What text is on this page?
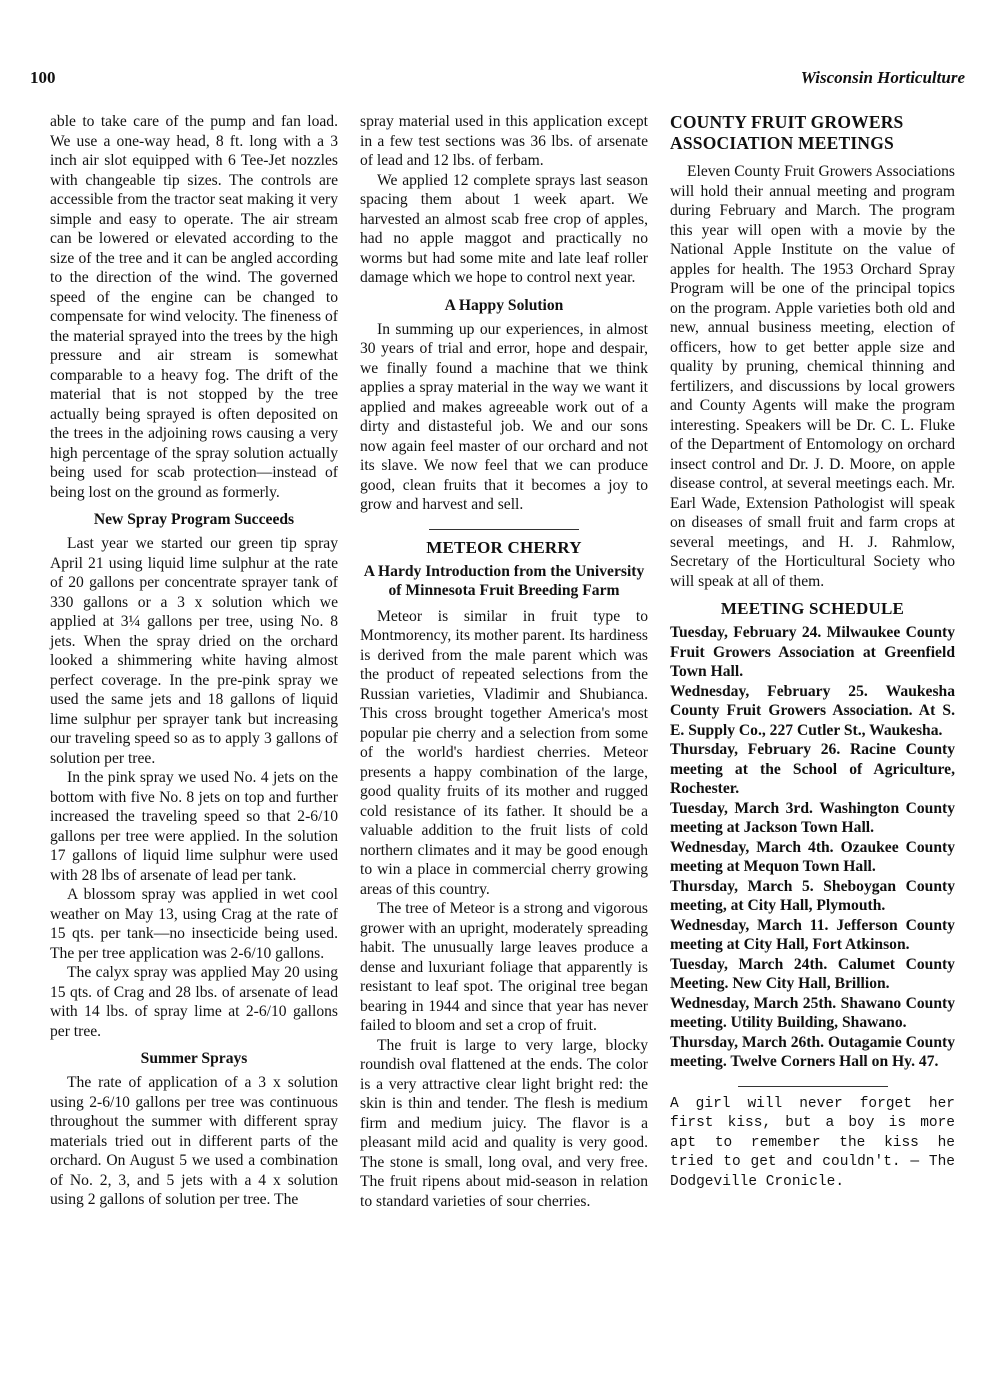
100	Wisconsin Horticulture

able to take care of the pump and fan load. We use a one-way head, 8 ft. long with a 3 inch air slot equipped with 6 Tee-Jet nozzles with changeable tip sizes. The controls are accessible from the tractor seat making it very simple and easy to operate. The air stream can be lowered or elevated according to the size of the tree and it can be angled according to the direction of the wind. The governed speed of the engine can be changed to compensate for wind velocity. The fineness of the material sprayed into the trees by the high pressure and air stream is somewhat comparable to a heavy fog. The drift of the material that is not stopped by the tree actually being sprayed is often deposited on the trees in the adjoining rows causing a very high percentage of the spray solution actually being used for scab protection—instead of being lost on the ground as formerly.

New Spray Program Succeeds

Last year we started our green tip spray April 21 using liquid lime sulphur at the rate of 20 gallons per concentrate sprayer tank of 330 gallons or a 3 x solution which we applied at 3¼ gallons per tree, using No. 8 jets. When the spray dried on the orchard looked a shimmering white having almost perfect coverage. In the pre-pink spray we used the same jets and 18 gallons of liquid lime sulphur per sprayer tank but increasing our traveling speed so as to apply 3 gallons of solution per tree.

In the pink spray we used No. 4 jets on the bottom with five No. 8 jets on top and further increased the traveling speed so that 2-6/10 gallons per tree were applied. In the solution 17 gallons of liquid lime sulphur were used with 28 lbs of arsenate of lead per tank.

A blossom spray was applied in wet cool weather on May 13, using Crag at the rate of 15 qts. per tank—no insecticide being used. The per tree application was 2-6/10 gallons.

The calyx spray was applied May 20 using 15 qts. of Crag and 28 lbs. of arsenate of lead with 14 lbs. of spray lime at 2-6/10 gallons per tree.

Summer Sprays

The rate of application of a 3 x solution using 2-6/10 gallons per tree was continuous throughout the summer with different spray materials tried out in different parts of the orchard. On August 5 we used a combination of No. 2, 3, and 5 jets with a 4 x solution using 2 gallons of solution per tree. The

spray material used in this application except in a few test sections was 36 lbs. of arsenate of lead and 12 lbs. of ferbam.

We applied 12 complete sprays last season spacing them about 1 week apart. We harvested an almost scab free crop of apples, had no apple maggot and practically no worms but had some mite and late leaf roller damage which we hope to control next year.

A Happy Solution

In summing up our experiences, in almost 30 years of trial and error, hope and despair, we finally found a machine that we think applies a spray material in the way we want it applied and makes agreeable work out of a dirty and distasteful job. We and our sons now again feel master of our orchard and not its slave. We now feel that we can produce good, clean fruits that it becomes a joy to grow and harvest and sell.

METEOR CHERRY

A Hardy Introduction from the University of Minnesota Fruit Breeding Farm

Meteor is similar in fruit type to Montmorency, its mother parent. Its hardiness is derived from the male parent which was the product of repeated selections from the Russian varieties, Vladimir and Shubianca. This cross brought together America's most popular pie cherry and a selection from some of the world's hardiest cherries. Meteor presents a happy combination of the large, good quality fruits of its mother and rugged cold resistance of its father. It should be a valuable addition to the fruit lists of cold northern climates and it may be good enough to win a place in commercial cherry growing areas of this country.

The tree of Meteor is a strong and vigorous grower with an upright, moderately spreading habit. The unusually large leaves produce a dense and luxuriant foliage that apparently is resistant to leaf spot. The original tree began bearing in 1944 and since that year has never failed to bloom and set a crop of fruit.

The fruit is large to very large, blocky roundish oval flattened at the ends. The color is a very attractive clear light bright red: the skin is thin and tender. The flesh is medium firm and medium juicy. The flavor is a pleasant mild acid and quality is very good. The stone is small, long oval, and very free. The fruit ripens about mid-season in relation to standard varieties of sour cherries.

COUNTY FRUIT GROWERS ASSOCIATION MEETINGS

Eleven County Fruit Growers Associations will hold their annual meeting and program during February and March. The program this year will open with a movie by the National Apple Institute on the value of apples for health. The 1953 Orchard Spray Program will be one of the principal topics on the program. Apple varieties both old and new, annual business meeting, election of officers, how to get better apple size and quality by pruning, chemical thinning and fertilizers, and discussions by local growers and County Agents will make the program interesting. Speakers will be Dr. C. L. Fluke of the Department of Entomology on orchard insect control and Dr. J. D. Moore, on apple disease control, at several meetings each. Mr. Earl Wade, Extension Pathologist will speak on diseases of small fruit and farm crops at several meetings, and H. J. Rahmlow, Secretary of the Horticultural Society who will speak at all of them.

MEETING SCHEDULE

Tuesday, February 24. Milwaukee County Fruit Growers Association at Greenfield Town Hall.

Wednesday, February 25. Waukesha County Fruit Growers Association. At S. E. Supply Co., 227 Cutler St., Waukesha.

Thursday, February 26. Racine County meeting at the School of Agriculture, Rochester.

Tuesday, March 3rd. Washington County meeting at Jackson Town Hall.

Wednesday, March 4th. Ozaukee County meeting at Mequon Town Hall.

Thursday, March 5. Sheboygan County meeting, at City Hall, Plymouth.

Wednesday, March 11. Jefferson County meeting at City Hall, Fort Atkinson.

Tuesday, March 24th. Calumet County Meeting. New City Hall, Brillion.

Wednesday, March 25th. Shawano County meeting. Utility Building, Shawano.

Thursday, March 26th. Outagamie County meeting. Twelve Corners Hall on Hy. 47.

A girl will never forget her first kiss, but a boy is more apt to remember the kiss he tried to get and couldn't. — The Dodgeville Cronicle.
